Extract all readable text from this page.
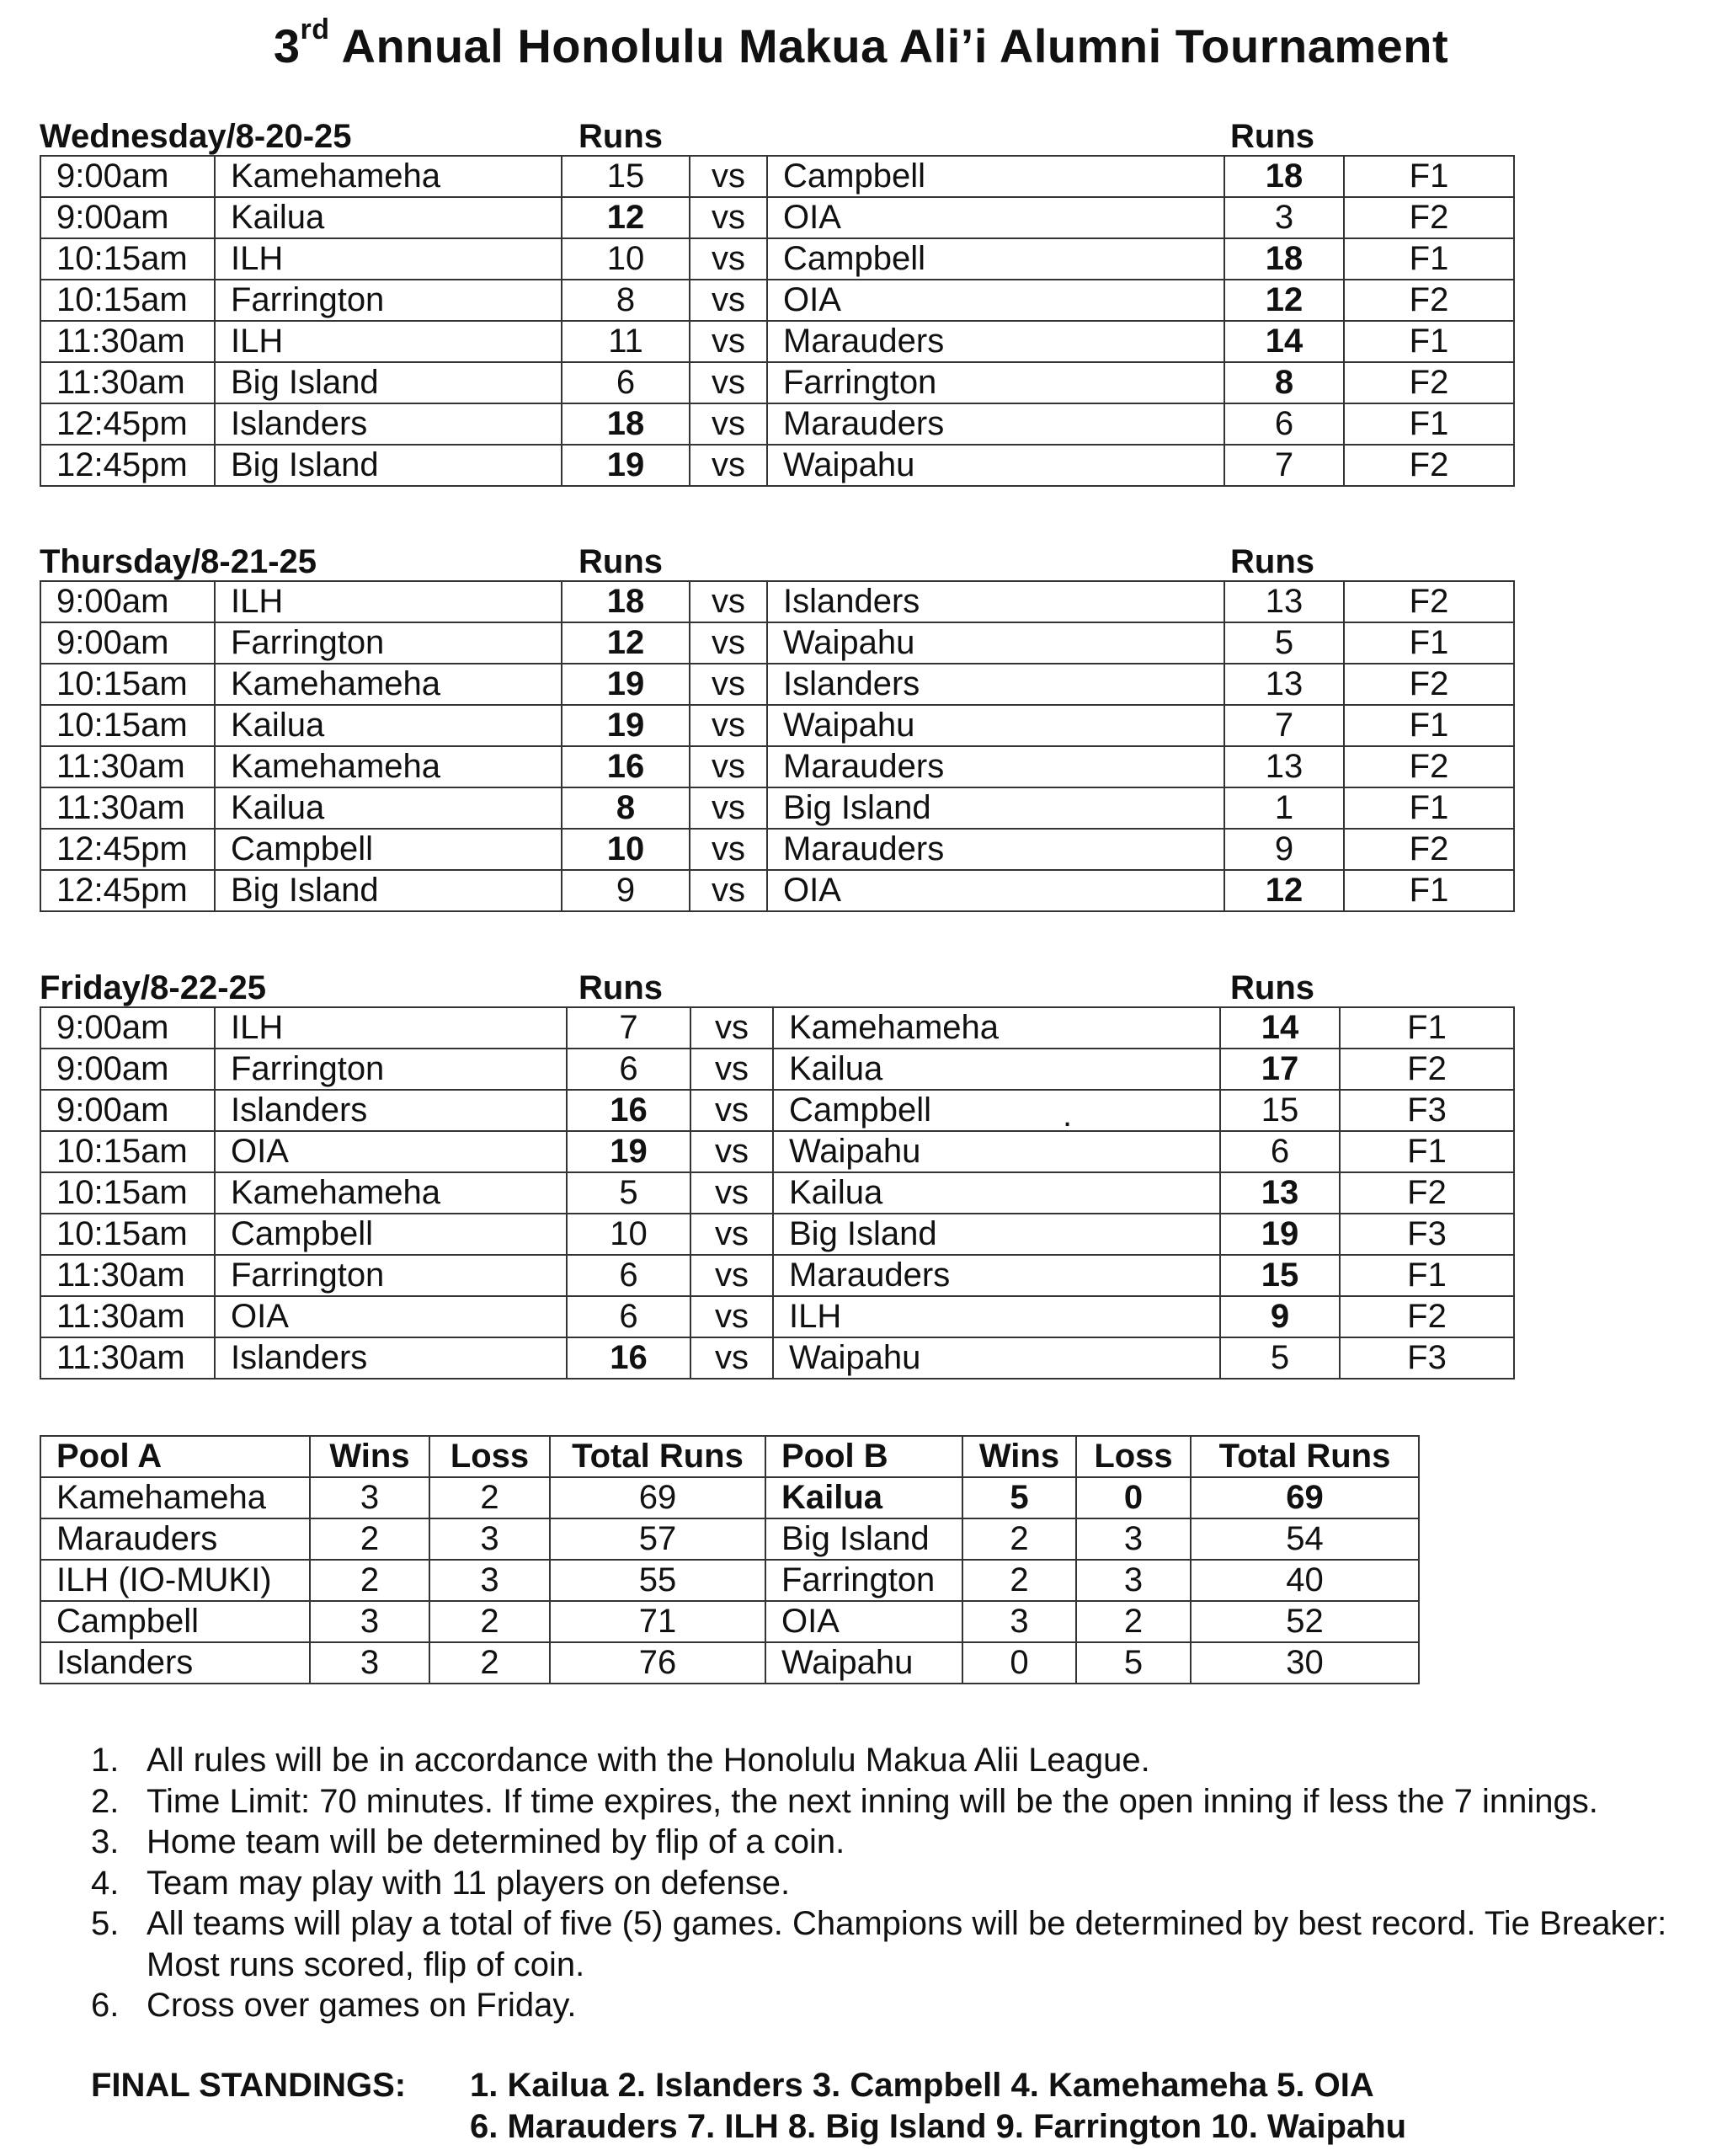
3rd Annual Honolulu Makua Ali’i Alumni Tournament
Wednesday/8-20-25	Runs	Runs
9:00am	Kamehameha	15	vs	Campbell	18	F1
9:00am	Kailua	12	vs	OIA	3	F2
10:15am	ILH	10	vs	Campbell	18	F1
10:15am	Farrington	8	vs	OIA	12	F2
11:30am	ILH	11	vs	Marauders	14	F1
11:30am	Big Island	6	vs	Farrington	8	F2
12:45pm	Islanders	18	vs	Marauders	6	F1
12:45pm	Big Island	19	vs	Waipahu	7	F2
Thursday/8-21-25	Runs	Runs
9:00am	ILH	18	vs	Islanders	13	F2
9:00am	Farrington	12	vs	Waipahu	5	F1
10:15am	Kamehameha	19	vs	Islanders	13	F2
10:15am	Kailua	19	vs	Waipahu	7	F1
11:30am	Kamehameha	16	vs	Marauders	13	F2
11:30am	Kailua	8	vs	Big Island	1	F1
12:45pm	Campbell	10	vs	Marauders	9	F2
12:45pm	Big Island	9	vs	OIA	12	F1
Friday/8-22-25	Runs	Runs
9:00am	ILH	7	vs	Kamehameha	14	F1
9:00am	Farrington	6	vs	Kailua	17	F2
9:00am	Islanders	16	vs	Campbell	15	F3
10:15am	OIA	19	vs	Waipahu	6	F1
10:15am	Kamehameha	5	vs	Kailua	13	F2
10:15am	Campbell	10	vs	Big Island	19	F3
11:30am	Farrington	6	vs	Marauders	15	F1
11:30am	OIA	6	vs	ILH	9	F2
11:30am	Islanders	16	vs	Waipahu	5	F3
.
Pool A	Wins	Loss	Total Runs	Pool B	Wins	Loss	Total Runs
Kamehameha	3	2	69	Kailua	5	0	69
Marauders	2	3	57	Big Island	2	3	54
ILH (IO-MUKI)	2	3	55	Farrington	2	3	40
Campbell	3	2	71	OIA	3	2	52
Islanders	3	2	76	Waipahu	0	5	30
1. All rules will be in accordance with the Honolulu Makua Alii League.
2. Time Limit: 70 minutes. If time expires, the next inning will be the open inning if less the 7 innings.
3. Home team will be determined by flip of a coin.
4. Team may play with 11 players on defense.
5. All teams will play a total of five (5) games. Champions will be determined by best record. Tie Breaker: Most runs scored, flip of coin.
6. Cross over games on Friday.
FINAL STANDINGS: 1. Kailua 2. Islanders 3. Campbell 4. Kamehameha 5. OIA
6. Marauders 7. ILH 8. Big Island 9. Farrington 10. Waipahu
